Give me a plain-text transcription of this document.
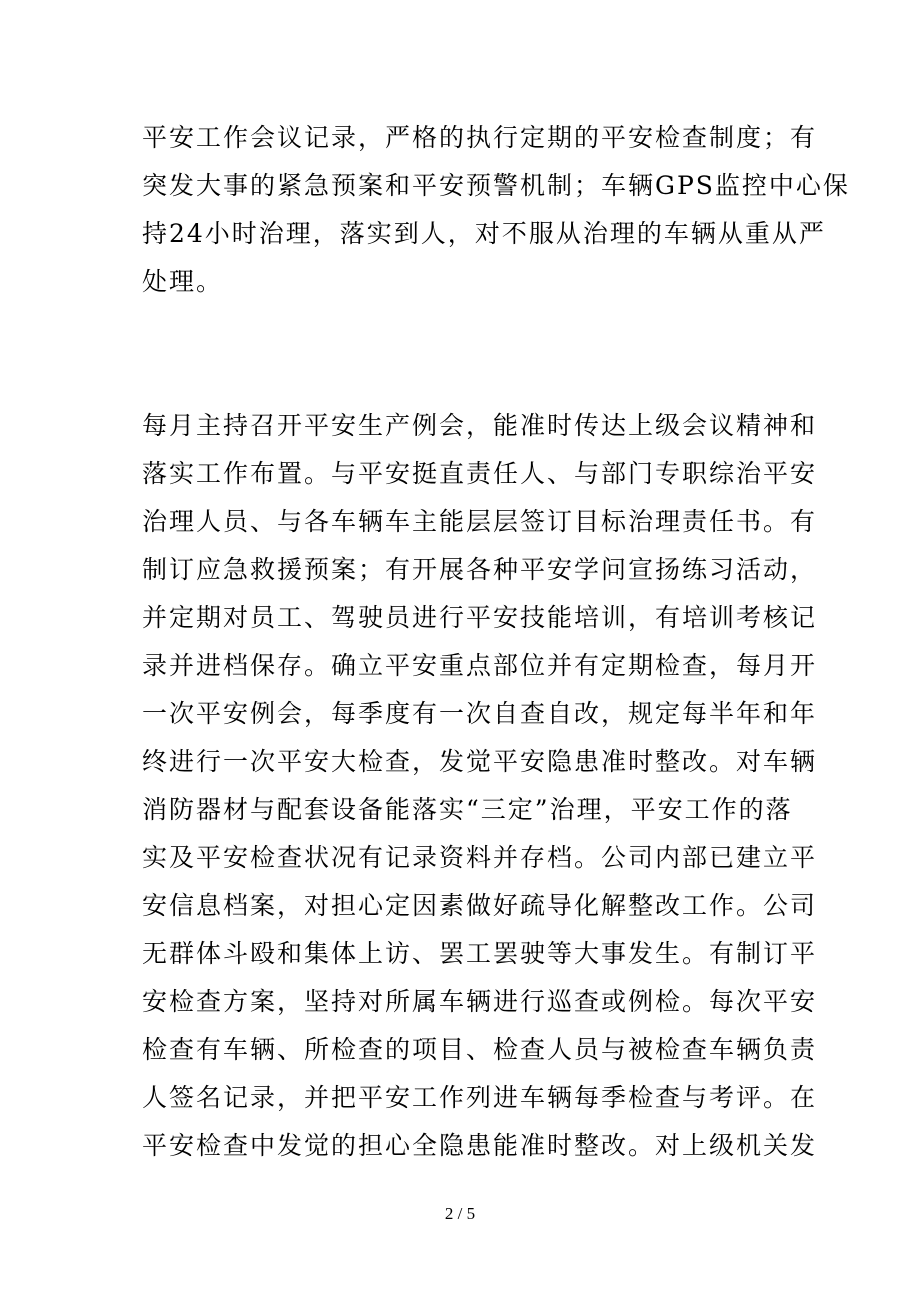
平安工作会议记录，严格的执行定期的平安检查制度；有
突发大事的紧急预案和平安预警机制；车辆GPS监控中心保
持24小时治理，落实到人，对不服从治理的车辆从重从严
处理。

每月主持召开平安生产例会，能准时传达上级会议精神和
落实工作布置。与平安挺直责任人、与部门专职综治平安
治理人员、与各车辆车主能层层签订目标治理责任书。有
制订应急救援预案；有开展各种平安学问宣扬练习活动，
并定期对员工、驾驶员进行平安技能培训，有培训考核记
录并进档保存。确立平安重点部位并有定期检查，每月开
一次平安例会，每季度有一次自查自改，规定每半年和年
终进行一次平安大检查，发觉平安隐患准时整改。对车辆
消防器材与配套设备能落实“三定”治理，平安工作的落
实及平安检查状况有记录资料并存档。公司内部已建立平
安信息档案，对担心定因素做好疏导化解整改工作。公司
无群体斗殴和集体上访、罢工罢驶等大事发生。有制订平
安检查方案，坚持对所属车辆进行巡查或例检。每次平安
检查有车辆、所检查的项目、检查人员与被检查车辆负责
人签名记录，并把平安工作列进车辆每季检查与考评。在
平安检查中发觉的担心全隐患能准时整改。对上级机关发

2 / 5
